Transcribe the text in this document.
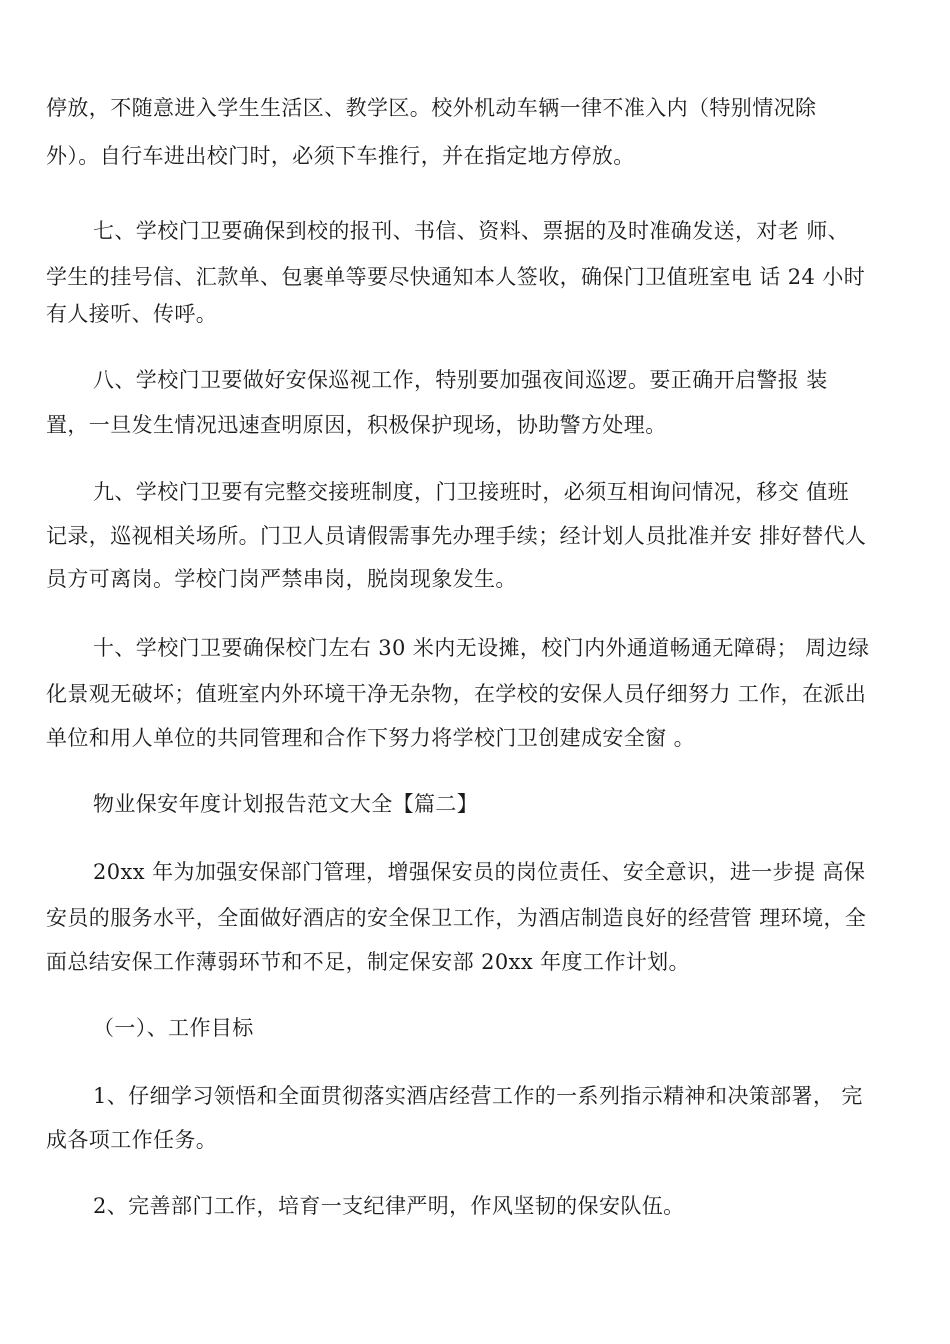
停放，不随意进入学生生活区、教学区。校外机动车辆一律不准入内（特别情况除

外）。自行车进出校门时，必须下车推行，并在指定地方停放。

七、学校门卫要确保到校的报刊、书信、资料、票据的及时准确发送，对老 师、

学生的挂号信、汇款单、包裹单等要尽快通知本人签收，确保门卫值班室电 话 24 小时

有人接听、传呼。

八、学校门卫要做好安保巡视工作，特别要加强夜间巡逻。要正确开启警报 装

置，一旦发生情况迅速查明原因，积极保护现场，协助警方处理。

九、学校门卫要有完整交接班制度，门卫接班时，必须互相询问情况，移交 值班

记录，巡视相关场所。门卫人员请假需事先办理手续；经计划人员批准并安 排好替代人

员方可离岗。学校门岗严禁串岗，脱岗现象发生。

十、学校门卫要确保校门左右 30 米内无设摊，校门内外通道畅通无障碍； 周边绿

化景观无破坏；值班室内外环境干净无杂物，在学校的安保人员仔细努力 工作，在派出

单位和用人单位的共同管理和合作下努力将学校门卫创建成安全窗 。

物业保安年度计划报告范文大全【篇二】

20xx 年为加强安保部门管理，增强保安员的岗位责任、安全意识，进一步提 高保

安员的服务水平，全面做好酒店的安全保卫工作，为酒店制造良好的经营管 理环境，全

面总结安保工作薄弱环节和不足，制定保安部 20xx 年度工作计划。

（一）、工作目标

1、仔细学习领悟和全面贯彻落实酒店经营工作的一系列指示精神和决策部署， 完

成各项工作任务。

2、完善部门工作，培育一支纪律严明，作风坚韧的保安队伍。
